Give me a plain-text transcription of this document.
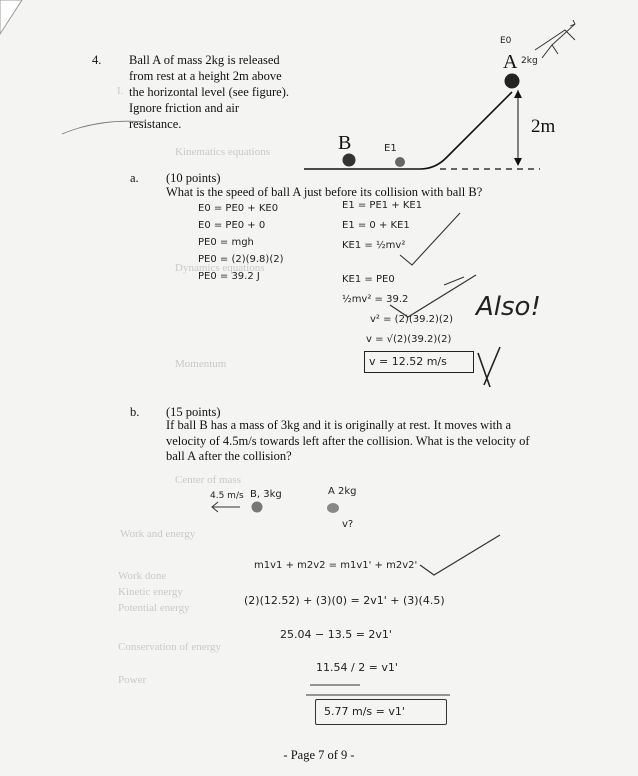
I.
Kinematics equations
Dynamics equations
Momentum
Center of mass
Work and energy
Work done
Kinetic energy
Potential energy
Conservation of energy
Power
4. Ball A of mass 2kg is released
from rest at a height 2m above
the horizontal level (see figure).
Ignore friction and air
resistance.
A 2kg
E0
B	E1
2m
a. (10 points)
What is the speed of ball A just before its collision with ball B?
E0 = PE0 + KE0
E0 = PE0 + 0
PE0 = mgh
PE0 = (2)(9.8)(2)
PE0 = 39.2 J
E1 = PE1 + KE1
E1 = 0 + KE1
KE1 = ½mv²
KE1 = PE0
½mv² = 39.2
v² = (2)(39.2)(2)
v = √(2)(39.2)(2)
v = 12.52 m/s
Also!
b. (15 points)
If ball B has a mass of 3kg and it is originally at rest. It moves with a
velocity of 4.5m/s towards left after the collision. What is the velocity of
ball A after the collision?
4.5 m/s B, 3kg	A 2kg
v?
m1v1 + m2v2 = m1v1' + m2v2'
(2)(12.52) + (3)(0) = 2v1' + (3)(4.5)
25.04 − 13.5 = 2v1'
11.54 / 2 = v1'
5.77 m/s = v1'
- Page 7 of 9 -
